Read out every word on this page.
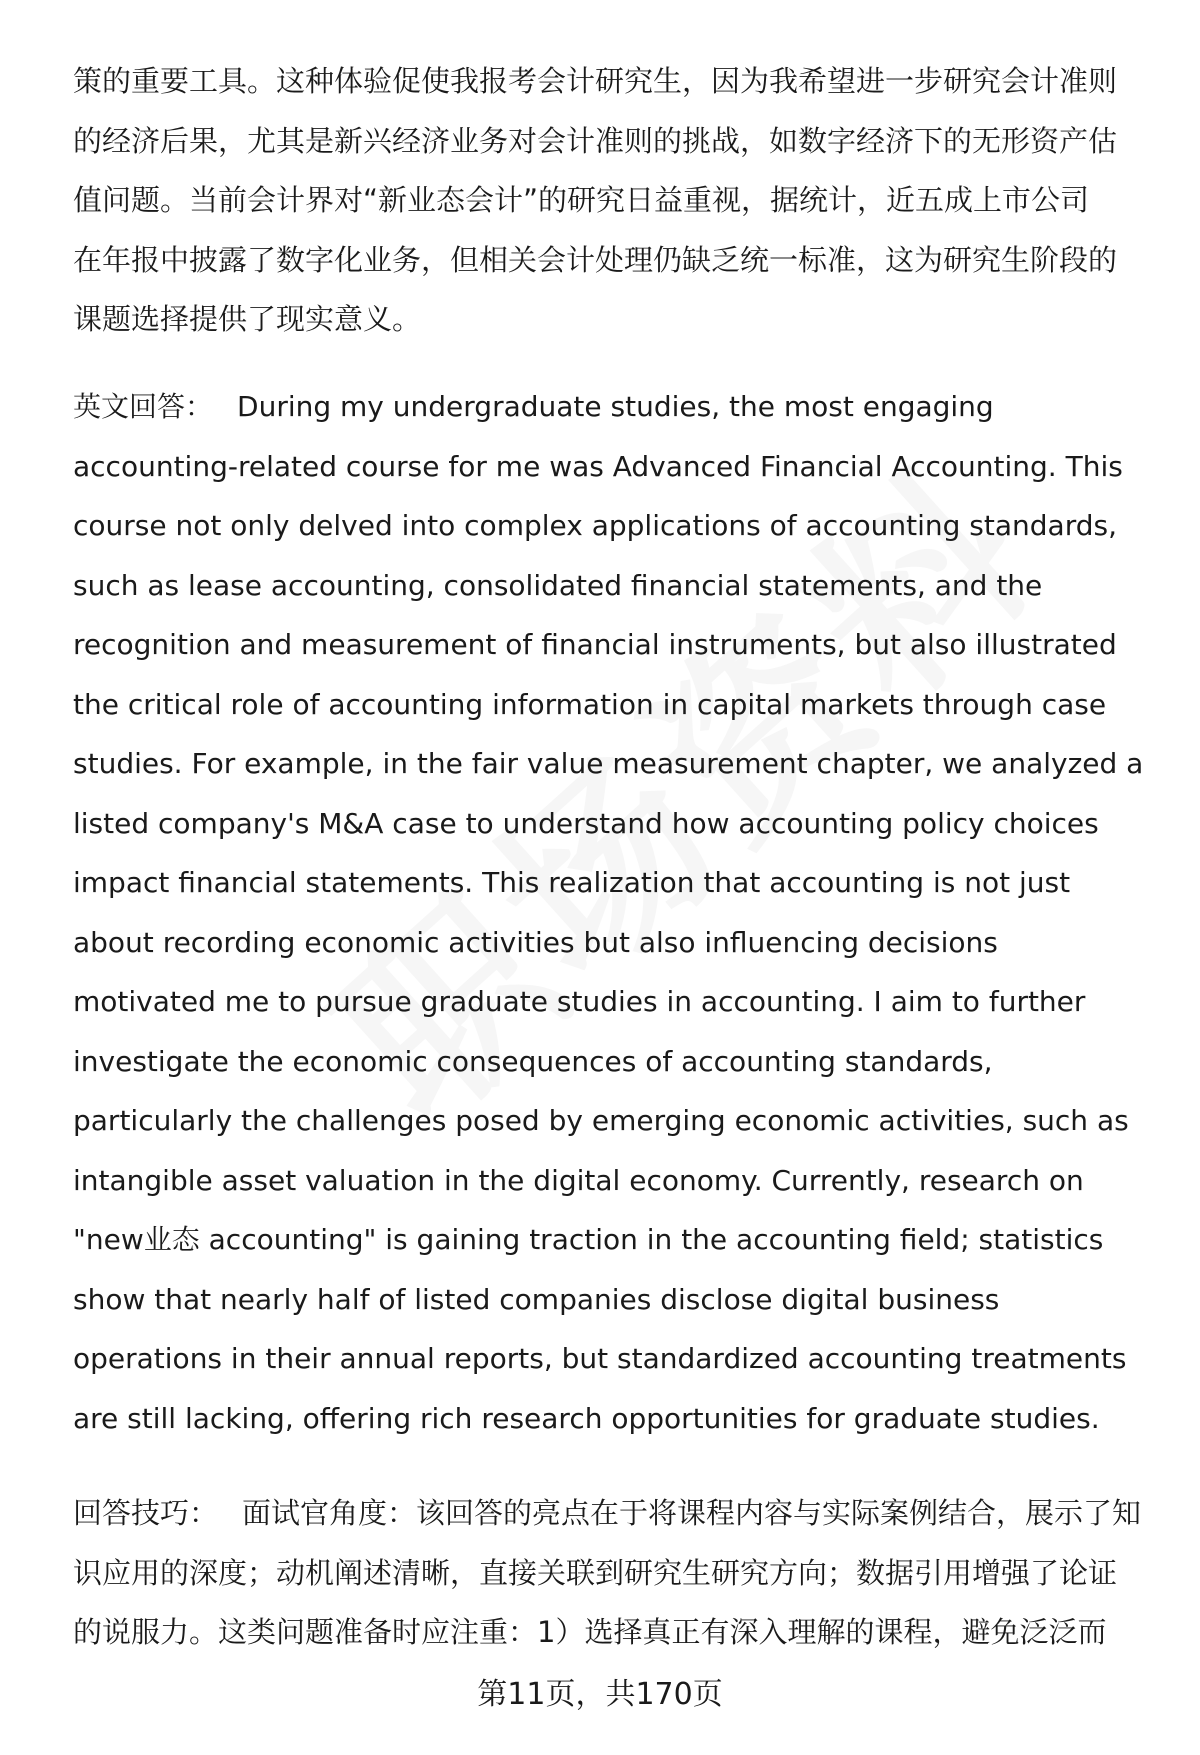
策的重要工具。这种体验促使我报考会计研究生，因为我希望进一步研究会计准则
的经济后果，尤其是新兴经济业务对会计准则的挑战，如数字经济下的无形资产估
值问题。当前会计界对“新业态会计”的研究日益重视，据统计，近五成上市公司
在年报中披露了数字化业务，但相关会计处理仍缺乏统一标准，这为研究生阶段的
课题选择提供了现实意义。

英文回答： During my undergraduate studies, the most engaging
accounting-related course for me was Advanced Financial Accounting. This
course not only delved into complex applications of accounting standards,
such as lease accounting, consolidated financial statements, and the
recognition and measurement of financial instruments, but also illustrated
the critical role of accounting information in capital markets through case
studies. For example, in the fair value measurement chapter, we analyzed a
listed company's M&A case to understand how accounting policy choices
impact financial statements. This realization that accounting is not just
about recording economic activities but also influencing decisions
motivated me to pursue graduate studies in accounting. I aim to further
investigate the economic consequences of accounting standards,
particularly the challenges posed by emerging economic activities, such as
intangible asset valuation in the digital economy. Currently, research on
"new业态 accounting" is gaining traction in the accounting field; statistics
show that nearly half of listed companies disclose digital business
operations in their annual reports, but standardized accounting treatments
are still lacking, offering rich research opportunities for graduate studies.

回答技巧： 面试官角度：该回答的亮点在于将课程内容与实际案例结合，展示了知
识应用的深度；动机阐述清晰，直接关联到研究生研究方向；数据引用增强了论证
的说服力。这类问题准备时应注重：1）选择真正有深入理解的课程，避免泛泛而

第11页，共170页
